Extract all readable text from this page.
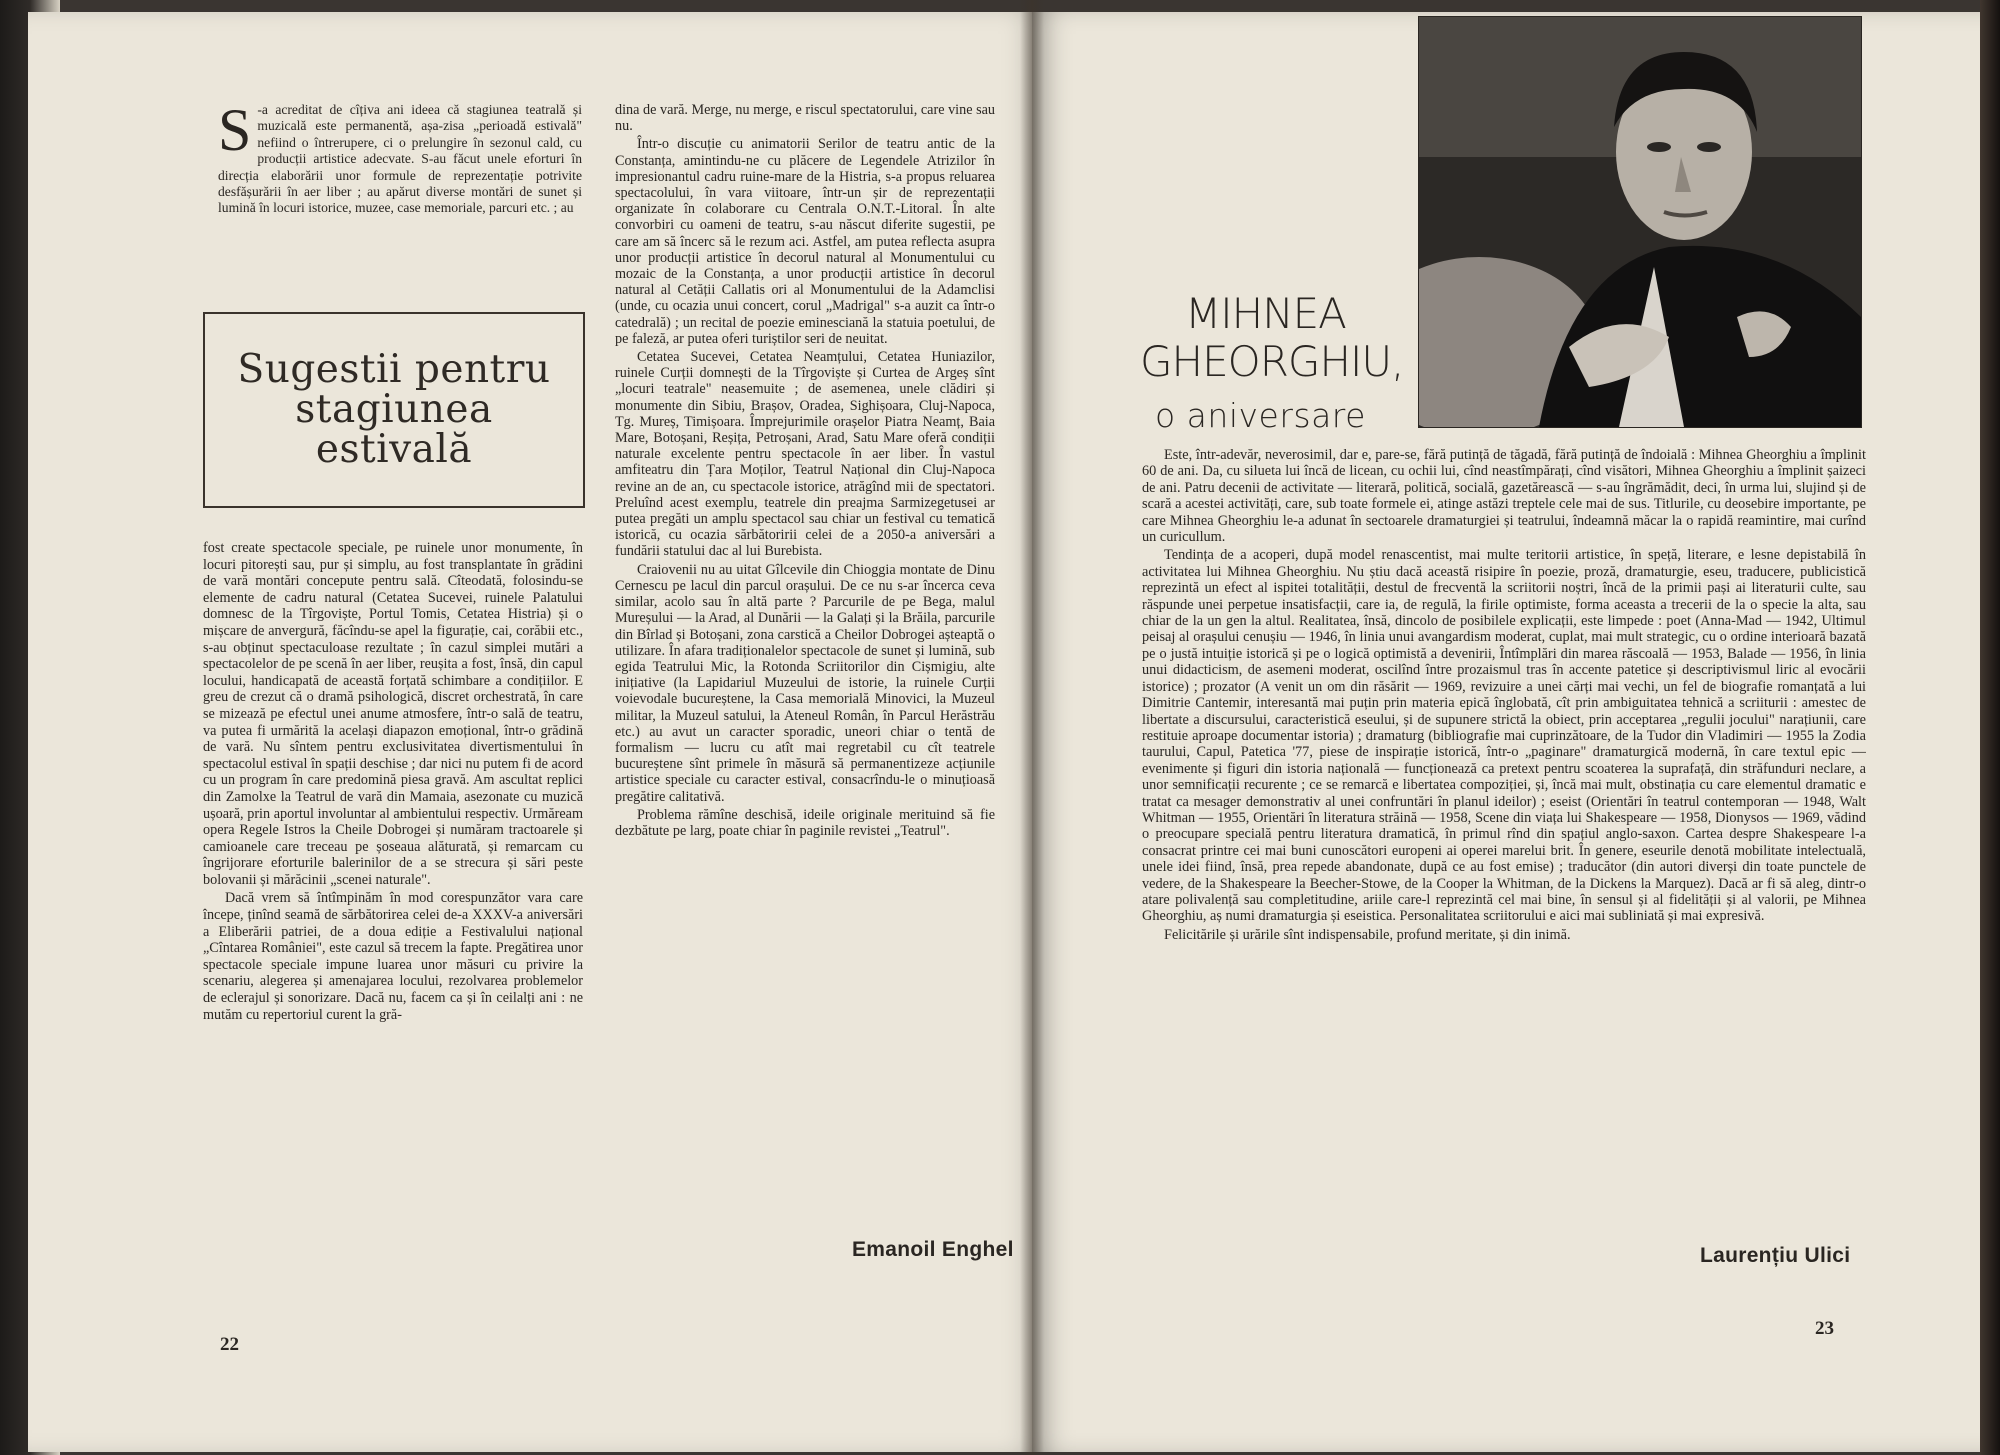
S -a acreditat de cîțiva ani ideea că stagiunea teatrală și muzicală este permanentă, așa-zisa „perioadă estivală" nefiind o întrerupere, ci o prelungire în sezonul cald, cu producții artistice adecvate. S-au făcut unele eforturi în direcția elaborării unor formule de reprezentație potrivite desfășurării în aer liber ; au apărut diverse montări de sunet și lumină în locuri istorice, muzee, case memoriale, parcuri etc. ; au

Sugestii pentru
stagiunea
estivală

fost create spectacole speciale, pe ruinele unor monumente, în locuri pitorești sau, pur și simplu, au fost transplantate în grădini de vară montări concepute pentru sală. Cîteodată, folosindu-se elemente de cadru natural (Cetatea Sucevei, ruinele Palatului domnesc de la Tîrgoviște, Portul Tomis, Cetatea Histria) și o mișcare de anvergură, făcîndu-se apel la figurație, cai, corăbii etc., s-au obținut spectaculoase rezultate ; în cazul simplei mutări a spectacolelor de pe scenă în aer liber, reușita a fost, însă, din capul locului, handicapată de această forțată schimbare a condițiilor. E greu de crezut că o dramă psihologică, discret orchestrată, în care se mizează pe efectul unei anume atmosfere, într-o sală de teatru, va putea fi urmărită la același diapazon emoțional, într-o grădină de vară. Nu sîntem pentru exclusivitatea divertismentului în spectacolul estival în spații deschise ; dar nici nu putem fi de acord cu un program în care predomină piesa gravă. Am ascultat replici din Zamolxe la Teatrul de vară din Mamaia, asezonate cu muzică ușoară, prin aportul involuntar al ambientului respectiv. Urmăream opera Regele Istros la Cheile Dobrogei și număram tractoarele și camioanele care treceau pe șoseaua alăturată, și remarcam cu îngrijorare eforturile balerinilor de a se strecura și sări peste bolovanii și mărăcinii „scenei naturale".

Dacă vrem să întîmpinăm în mod corespunzător vara care începe, ținînd seamă de sărbătorirea celei de-a XXXV-a aniversări a Eliberării patriei, de a doua ediție a Festivalului național „Cîntarea României", este cazul să trecem la fapte. Pregătirea unor spectacole speciale impune luarea unor măsuri cu privire la scenariu, alegerea și amenajarea locului, rezolvarea problemelor de eclerajul și sonorizare. Dacă nu, facem ca și în ceilalți ani : ne mutăm cu repertoriul curent la gră-

dina de vară. Merge, nu merge, e riscul spectatorului, care vine sau nu.

Într-o discuție cu animatorii Serilor de teatru antic de la Constanța, amintindu-ne cu plăcere de Legendele Atrizilor în impresionantul cadru ruine-mare de la Histria, s-a propus reluarea spectacolului, în vara viitoare, într-un șir de reprezentații organizate în colaborare cu Centrala O.N.T.-Litoral. În alte convorbiri cu oameni de teatru, s-au născut diferite sugestii, pe care am să încerc să le rezum aci. Astfel, am putea reflecta asupra unor producții artistice în decorul natural al Monumentului cu mozaic de la Constanța, a unor producții artistice în decorul natural al Cetății Callatis ori al Monumentului de la Adamclisi (unde, cu ocazia unui concert, corul „Madrigal" s-a auzit ca într-o catedrală) ; un recital de poezie eminesciană la statuia poetului, de pe faleză, ar putea oferi turiștilor seri de neuitat.

Cetatea Sucevei, Cetatea Neamțului, Cetatea Huniazilor, ruinele Curții domnești de la Tîrgoviște și Curtea de Argeș sînt „locuri teatrale" neasemuite ; de asemenea, unele clădiri și monumente din Sibiu, Brașov, Oradea, Sighișoara, Cluj-Napoca, Tg. Mureș, Timișoara. Împrejurimile orașelor Piatra Neamț, Baia Mare, Botoșani, Reșița, Petroșani, Arad, Satu Mare oferă condiții naturale excelente pentru spectacole în aer liber. În vastul amfiteatru din Țara Moților, Teatrul Național din Cluj-Napoca revine an de an, cu spectacole istorice, atrăgînd mii de spectatori. Preluînd acest exemplu, teatrele din preajma Sarmizegetusei ar putea pregăti un amplu spectacol sau chiar un festival cu tematică istorică, cu ocazia sărbătoririi celei de a 2050-a aniversări a fundării statului dac al lui Burebista.

Craiovenii nu au uitat Gîlcevile din Chioggia montate de Dinu Cernescu pe lacul din parcul orașului. De ce nu s-ar încerca ceva similar, acolo sau în altă parte ? Parcurile de pe Bega, malul Mureșului — la Arad, al Dunării — la Galați și la Brăila, parcurile din Bîrlad și Botoșani, zona carstică a Cheilor Dobrogei așteaptă o utilizare. În afara tradiționalelor spectacole de sunet și lumină, sub egida Teatrului Mic, la Rotonda Scriitorilor din Cișmigiu, alte inițiative (la Lapidariul Muzeului de istorie, la ruinele Curții voievodale bucureștene, la Casa memorială Minovici, la Muzeul militar, la Muzeul satului, la Ateneul Român, în Parcul Herăstrău etc.) au avut un caracter sporadic, uneori chiar o tentă de formalism — lucru cu atît mai regretabil cu cît teatrele bucureștene sînt primele în măsură să permanentizeze acțiunile artistice speciale cu caracter estival, consacrîndu-le o minuțioasă pregătire calitativă.

Problema rămîne deschisă, ideile originale merituind să fie dezbătute pe larg, poate chiar în paginile revistei „Teatrul".

Emanoil Enghel
22
MIHNEA
GHEORGHIU,
o aniversare

Este, într-adevăr, neverosimil, dar e, pare-se, fără putință de tăgadă, fără putință de îndoială : Mihnea Gheorghiu a împlinit 60 de ani. Da, cu silueta lui încă de licean, cu ochii lui, cînd neastîmpărați, cînd visători, Mihnea Gheorghiu a împlinit șaizeci de ani. Patru decenii de activitate — literară, politică, socială, gazetărească — s-au îngrămădit, deci, în urma lui, slujind și de scară a acestei activități, care, sub toate formele ei, atinge astăzi treptele cele mai de sus. Titlurile, cu deosebire importante, pe care Mihnea Gheorghiu le-a adunat în sectoarele dramaturgiei și teatrului, îndeamnă măcar la o rapidă reamintire, mai curînd un curicullum.

Tendința de a acoperi, după model renascentist, mai multe teritorii artistice, în speță, literare, e lesne depistabilă în activitatea lui Mihnea Gheorghiu. Nu știu dacă această risipire în poezie, proză, dramaturgie, eseu, traducere, publicistică reprezintă un efect al ispitei totalității, destul de frecventă la scriitorii noștri, încă de la primii pași ai literaturii culte, sau răspunde unei perpetue insatisfacții, care ia, de regulă, la firile optimiste, forma aceasta a trecerii de la o specie la alta, sau chiar de la un gen la altul. Realitatea, însă, dincolo de posibilele explicații, este limpede : poet (Anna-Mad — 1942, Ultimul peisaj al orașului cenușiu — 1946, în linia unui avangardism moderat, cuplat, mai mult strategic, cu o ordine interioară bazată pe o justă intuiție istorică și pe o logică optimistă a devenirii, Întîmplări din marea răscoală — 1953, Balade — 1956, în linia unui didacticism, de asemeni moderat, oscilînd între prozaismul tras în accente patetice și descriptivismul liric al evocării istorice) ; prozator (A venit un om din răsărit — 1969, revizuire a unei cărți mai vechi, un fel de biografie romanțată a lui Dimitrie Cantemir, interesantă mai puțin prin materia epică înglobată, cît prin ambiguitatea tehnică a scriiturii : amestec de libertate a discursului, caracteristică eseului, și de supunere strictă la obiect, prin acceptarea „regulii jocului" narațiunii, care restituie aproape documentar istoria) ; dramaturg (bibliografie mai cuprinzătoare, de la Tudor din Vladimiri — 1955 la Zodia taurului, Capul, Patetica '77, piese de inspirație istorică, într-o „paginare" dramaturgică modernă, în care textul epic — evenimente și figuri din istoria națională — funcționează ca pretext pentru scoaterea la suprafață, din străfunduri neclare, a unor semnificații recurente ; ce se remarcă e libertatea compoziției, și, încă mai mult, obstinația cu care elementul dramatic e tratat ca mesager demonstrativ al unei confruntări în planul ideilor) ; eseist (Orientări în teatrul contemporan — 1948, Walt Whitman — 1955, Orientări în literatura străină — 1958, Scene din viața lui Shakespeare — 1958, Dionysos — 1969, vădind o preocupare specială pentru literatura dramatică, în primul rînd din spațiul anglo-saxon. Cartea despre Shakespeare l-a consacrat printre cei mai buni cunoscători europeni ai operei marelui brit. În genere, eseurile denotă mobilitate intelectuală, unele idei fiind, însă, prea repede abandonate, după ce au fost emise) ; traducător (din autori diverși din toate punctele de vedere, de la Shakespeare la Beecher-Stowe, de la Cooper la Whitman, de la Dickens la Marquez). Dacă ar fi să aleg, dintr-o atare polivalență sau completitudine, ariile care-l reprezintă cel mai bine, în sensul și al fidelității și al valorii, pe Mihnea Gheorghiu, aș numi dramaturgia și eseistica. Personalitatea scriitorului e aici mai subliniată și mai expresivă.

Felicitările și urările sînt indispensabile, profund meritate, și din inimă.

Laurențiu Ulici
23
